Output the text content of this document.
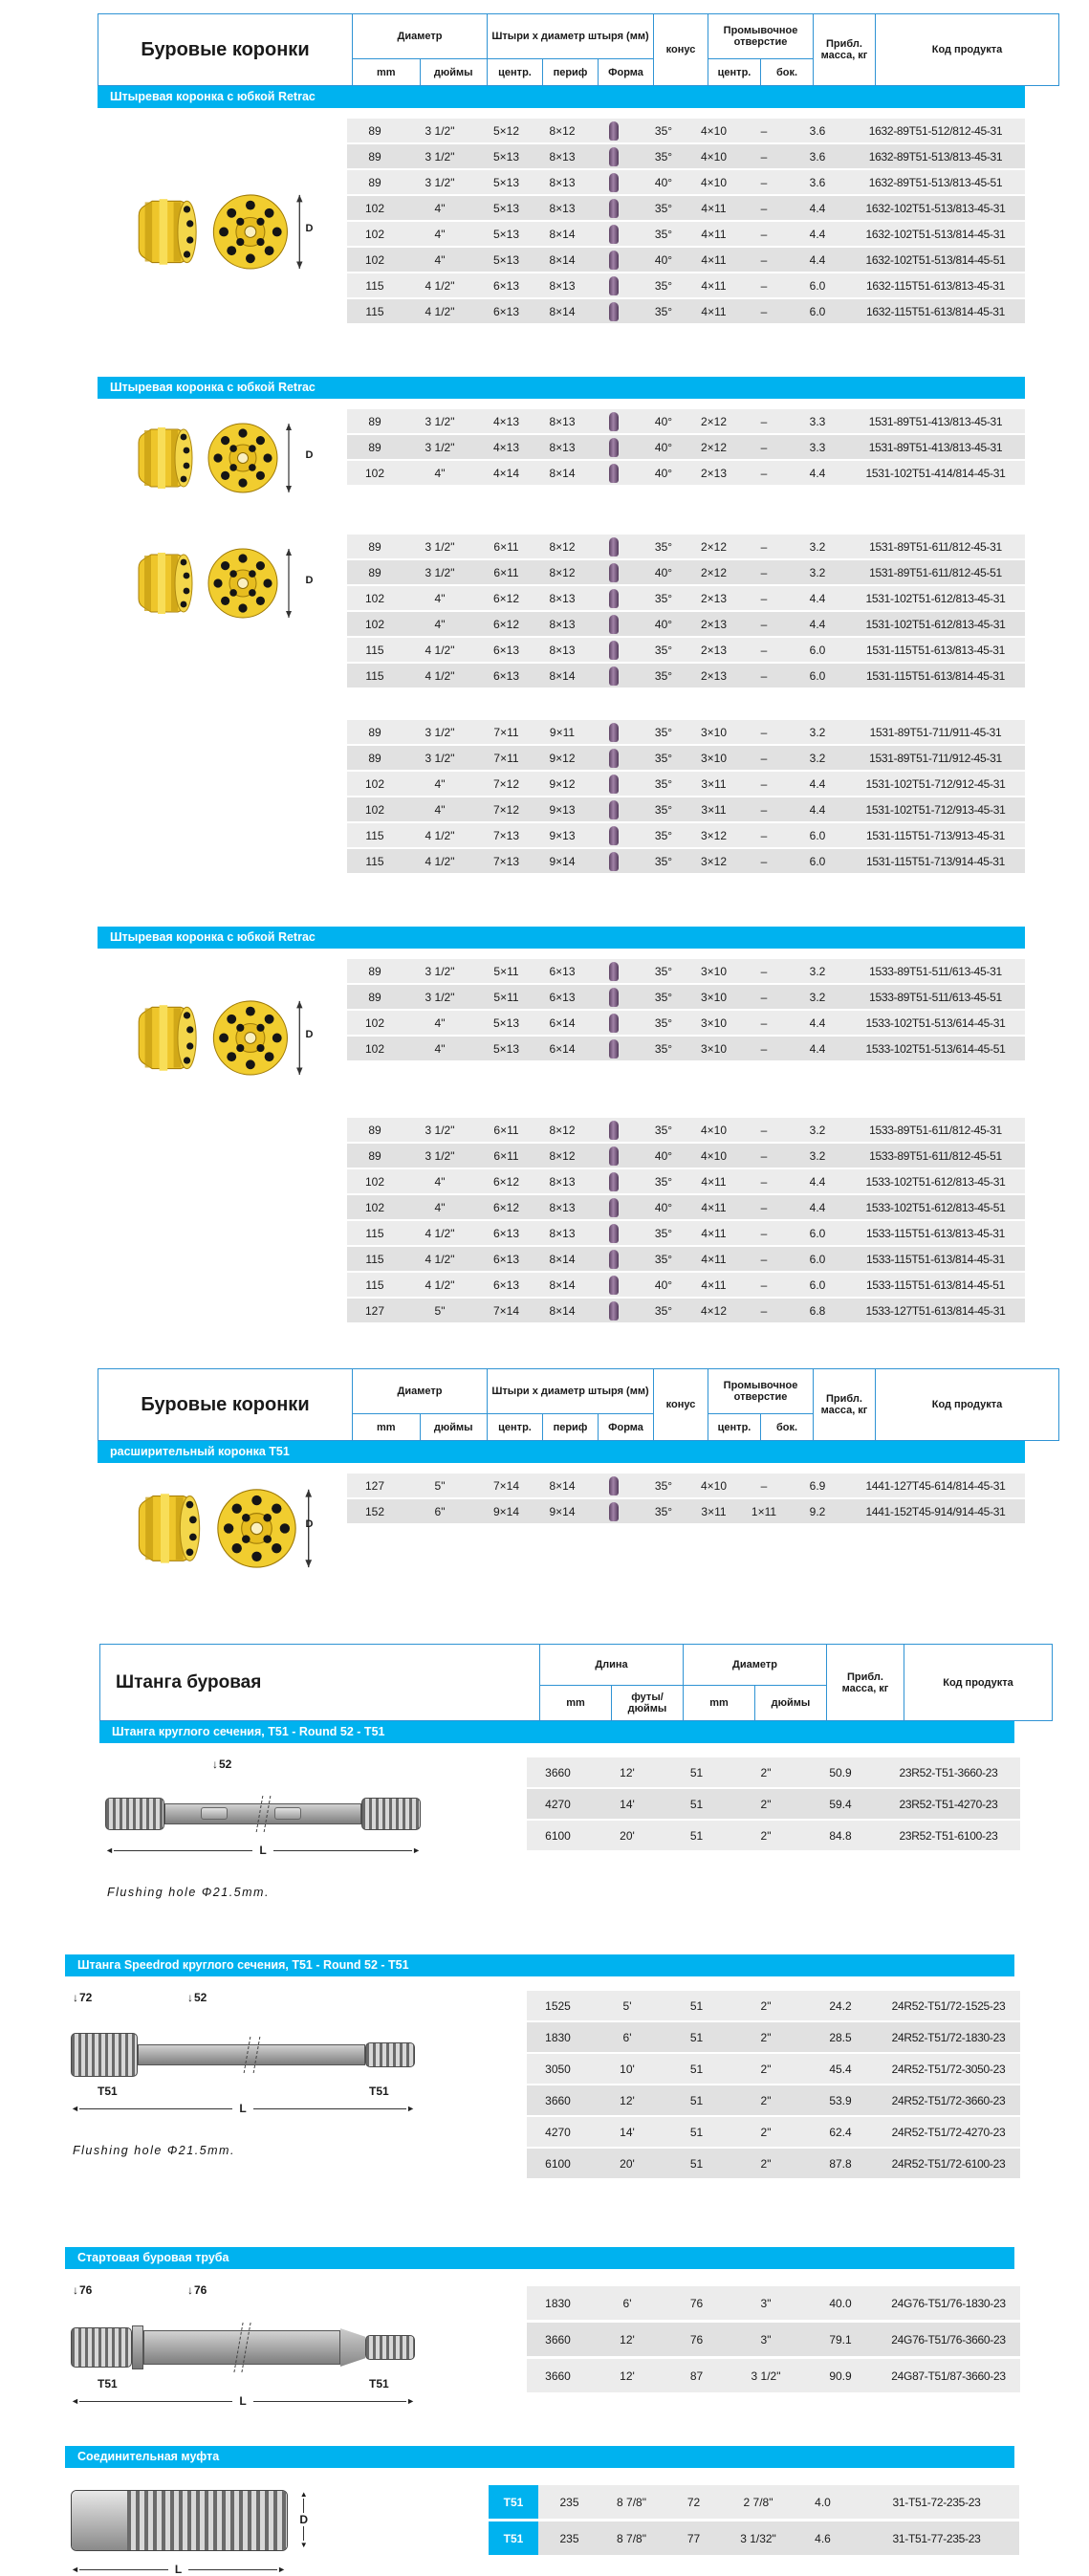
Буровые коронки	Диаметр		Штыри х диаметр штыря (мм)			конус	Промывочное отверстие		Прибл. масса, кг	Код продукта
	mm	дюймы	центр.	периф	Форма		центр.	бок.		
Штыревая коронка с юбкой Retrac
D
89	3 1/2"	5×12	8×12		35°	4×10	–	3.6	1632-89T51-512/812-45-31
89	3 1/2"	5×13	8×13		35°	4×10	–	3.6	1632-89T51-513/813-45-31
89	3 1/2"	5×13	8×13		40°	4×10	–	3.6	1632-89T51-513/813-45-51
102	4"	5×13	8×13		35°	4×11	–	4.4	1632-102T51-513/813-45-31
102	4"	5×13	8×14		35°	4×11	–	4.4	1632-102T51-513/814-45-31
102	4"	5×13	8×14		40°	4×11	–	4.4	1632-102T51-513/814-45-51
115	4 1/2"	6×13	8×13		35°	4×11	–	6.0	1632-115T51-613/813-45-31
115	4 1/2"	6×13	8×14		35°	4×11	–	6.0	1632-115T51-613/814-45-31
Штыревая коронка с юбкой Retrac
D
89	3 1/2"	4×13	8×13		40°	2×12	–	3.3	1531-89T51-413/813-45-31
89	3 1/2"	4×13	8×13		40°	2×12	–	3.3	1531-89T51-413/813-45-31
102	4"	4×14	8×14		40°	2×13	–	4.4	1531-102T51-414/814-45-31
D
89	3 1/2"	6×11	8×12		35°	2×12	–	3.2	1531-89T51-611/812-45-31
89	3 1/2"	6×11	8×12		40°	2×12	–	3.2	1531-89T51-611/812-45-51
102	4"	6×12	8×13		35°	2×13	–	4.4	1531-102T51-612/813-45-31
102	4"	6×12	8×13		40°	2×13	–	4.4	1531-102T51-612/813-45-31
115	4 1/2"	6×13	8×13		35°	2×13	–	6.0	1531-115T51-613/813-45-31
115	4 1/2"	6×13	8×14		35°	2×13	–	6.0	1531-115T51-613/814-45-31
89	3 1/2"	7×11	9×11		35°	3×10	–	3.2	1531-89T51-711/911-45-31
89	3 1/2"	7×11	9×12		35°	3×10	–	3.2	1531-89T51-711/912-45-31
102	4"	7×12	9×12		35°	3×11	–	4.4	1531-102T51-712/912-45-31
102	4"	7×12	9×13		35°	3×11	–	4.4	1531-102T51-712/913-45-31
115	4 1/2"	7×13	9×13		35°	3×12	–	6.0	1531-115T51-713/913-45-31
115	4 1/2"	7×13	9×14		35°	3×12	–	6.0	1531-115T51-713/914-45-31
Штыревая коронка с юбкой Retrac
D
89	3 1/2"	5×11	6×13		35°	3×10	–	3.2	1533-89T51-511/613-45-31
89	3 1/2"	5×11	6×13		35°	3×10	–	3.2	1533-89T51-511/613-45-51
102	4"	5×13	6×14		35°	3×10	–	4.4	1533-102T51-513/614-45-31
102	4"	5×13	6×14		35°	3×10	–	4.4	1533-102T51-513/614-45-51
89	3 1/2"	6×11	8×12		35°	4×10	–	3.2	1533-89T51-611/812-45-31
89	3 1/2"	6×11	8×12		40°	4×10	–	3.2	1533-89T51-611/812-45-51
102	4"	6×12	8×13		35°	4×11	–	4.4	1533-102T51-612/813-45-31
102	4"	6×12	8×13		40°	4×11	–	4.4	1533-102T51-612/813-45-51
115	4 1/2"	6×13	8×13		35°	4×11	–	6.0	1533-115T51-613/813-45-31
115	4 1/2"	6×13	8×14		35°	4×11	–	6.0	1533-115T51-613/814-45-31
115	4 1/2"	6×13	8×14		40°	4×11	–	6.0	1533-115T51-613/814-45-51
127	5"	7×14	8×14		35°	4×12	–	6.8	1533-127T51-613/814-45-31
Буровые коронки	Диаметр		Штыри х диаметр штыря (мм)			конус	Промывочное отверстие		Прибл. масса, кг	Код продукта
	mm	дюймы	центр.	периф	Форма		центр.	бок.		
расширительный коронка Т51
D
127	5"	7×14	8×14		35°	4×10	–	6.9	1441-127T45-614/814-45-31
152	6"	9×14	9×14		35°	3×11	1×11	9.2	1441-152T45-914/914-45-31
Штанга буровая	Длина		Диаметр		Прибл. масса, кг	Код продукта
	mm	футы/дюймы	mm	дюймы		
Штанга круглого сечения, T51 - Round 52 - T51
↓ 52
◄ L
►
Flushing hole Φ21.5mm.
3660	12'	51	2"	50.9	23R52-T51-3660-23
4270	14'	51	2"	59.4	23R52-T51-4270-23
6100	20'	51	2"	84.8	23R52-T51-6100-23
Штанга Speedrod круглого сечения, T51 - Round 52 - T51
↓ 72	↓ 52
T51	T51
◄ L
►
Flushing hole Φ21.5mm.
1525	5'	51	2"	24.2	24R52-T51/72-1525-23
1830	6'	51	2"	28.5	24R52-T51/72-1830-23
3050	10'	51	2"	45.4	24R52-T51/72-3050-23
3660	12'	51	2"	53.9	24R52-T51/72-3660-23
4270	14'	51	2"	62.4	24R52-T51/72-4270-23
6100	20'	51	2"	87.8	24R52-T51/72-6100-23
Стартовая буровая труба
↓ 76	↓ 76
T51	T51
◄ L
►
1830	6'	76	3"	40.0	24G76-T51/76-1830-23
3660	12'	76	3"	79.1	24G76-T51/76-3660-23
3660	12'	87	3 1/2"	90.9	24G87-T51/87-3660-23
Соединительная муфта
▲ D
▼
◄ L
►
T51	235	8 7/8"	72	2 7/8"	4.0	31-T51-72-235-23
T51	235	8 7/8"	77	3 1/32"	4.6	31-T51-77-235-23
